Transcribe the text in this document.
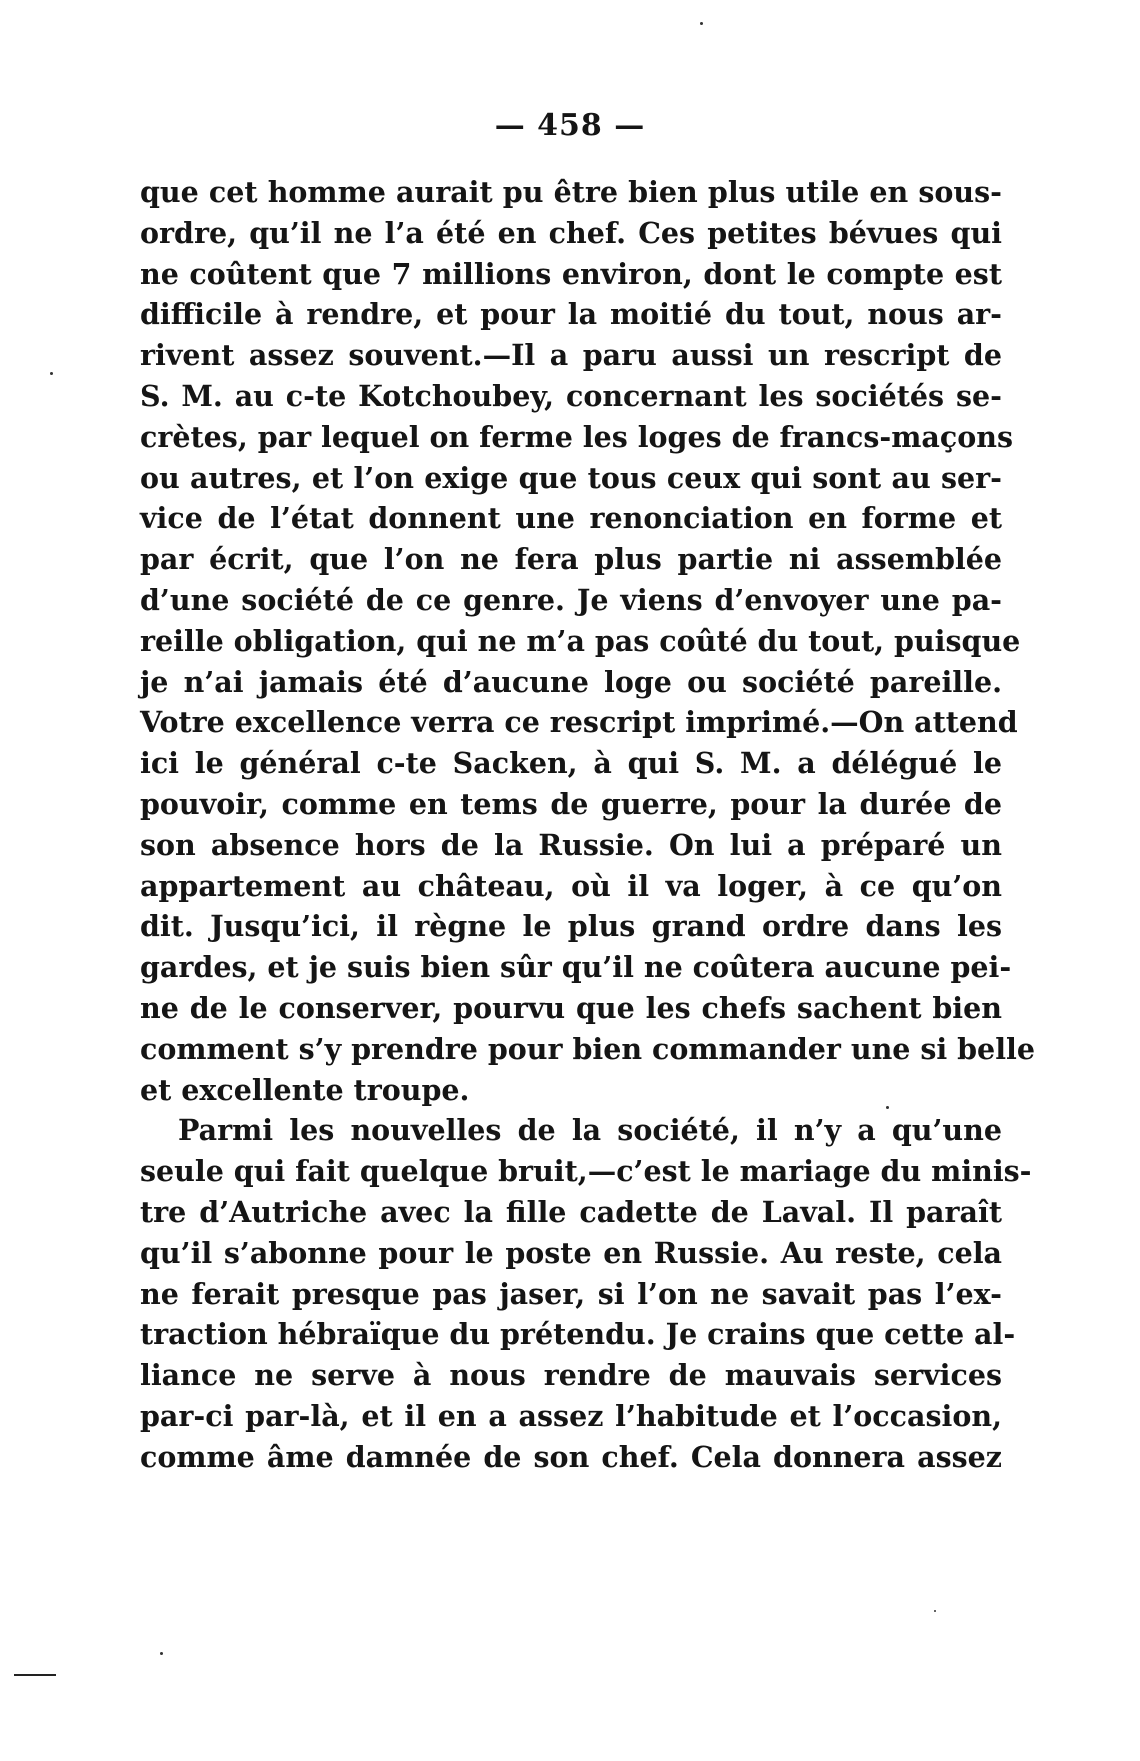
— 458 —
que cet homme aurait pu être bien plus utile en sous-
ordre, qu’il ne l’a été en chef. Ces petites bévues qui
ne coûtent que 7 millions environ, dont le compte est
difficile à rendre, et pour la moitié du tout, nous ar-
rivent assez souvent.—Il a paru aussi un rescript de
S. M. au c-te Kotchoubey, concernant les sociétés se-
crètes, par lequel on ferme les loges de francs-maçons
ou autres, et l’on exige que tous ceux qui sont au ser-
vice de l’état donnent une renonciation en forme et
par écrit, que l’on ne fera plus partie ni assemblée
d’une société de ce genre. Je viens d’envoyer une pa-
reille obligation, qui ne m’a pas coûté du tout, puisque
je n’ai jamais été d’aucune loge ou société pareille.
Votre excellence verra ce rescript imprimé.—On attend
ici le général c-te Sacken, à qui S. M. a délégué le
pouvoir, comme en tems de guerre, pour la durée de
son absence hors de la Russie. On lui a préparé un
appartement au château, où il va loger, à ce qu’on
dit. Jusqu’ici, il règne le plus grand ordre dans les
gardes, et je suis bien sûr qu’il ne coûtera aucune pei-
ne de le conserver, pourvu que les chefs sachent bien
comment s’y prendre pour bien commander une si belle
et excellente troupe.
Parmi les nouvelles de la société, il n’y a qu’une
seule qui fait quelque bruit,—c’est le mariage du minis-
tre d’Autriche avec la fille cadette de Laval. Il paraît
qu’il s’abonne pour le poste en Russie. Au reste, cela
ne ferait presque pas jaser, si l’on ne savait pas l’ex-
traction hébraïque du prétendu. Je crains que cette al-
liance ne serve à nous rendre de mauvais services
par-ci par-là, et il en a assez l’habitude et l’occasion,
comme âme damnée de son chef. Cela donnera assez
